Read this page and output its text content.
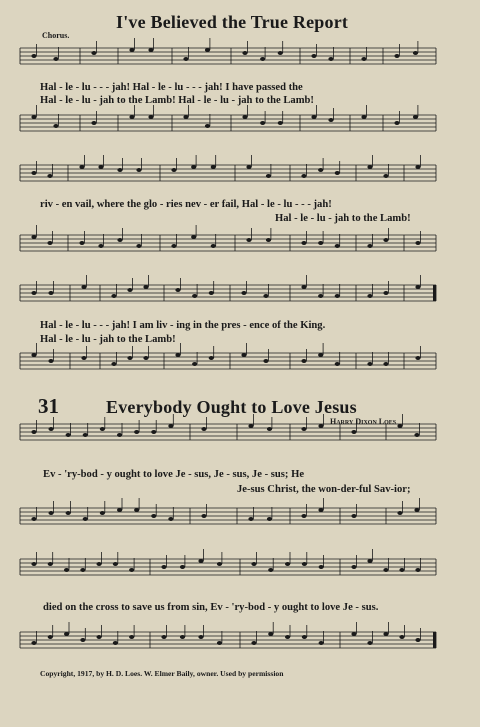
I've Believed the True Report
Chorus.
Hal - le - lu - - - jah! Hal - le - lu - - - jah! I have passed the
Hal - le - lu - jah to the Lamb! Hal - le - lu - jah to the Lamb!
riv - en vail, where the glo - ries nev - er fail, Hal - le - lu - - - jah!
Hal - le - lu - jah to the Lamb!
Hal - le - lu - - - jah! I am liv - ing in the pres - ence of the King.
Hal - le - lu - jah to the Lamb!
31	Everybody Ought to Love Jesus
Harry Dixon Loes
Ev - 'ry-bod - y ought to love Je - sus, Je - sus, Je - sus; He
Je-sus Christ, the won-der-ful Sav-ior;
died on the cross to save us from sin, Ev - 'ry-bod - y ought to love Je - sus.
Copyright, 1917, by H. D. Loes. W. Elmer Baily, owner. Used by permission
